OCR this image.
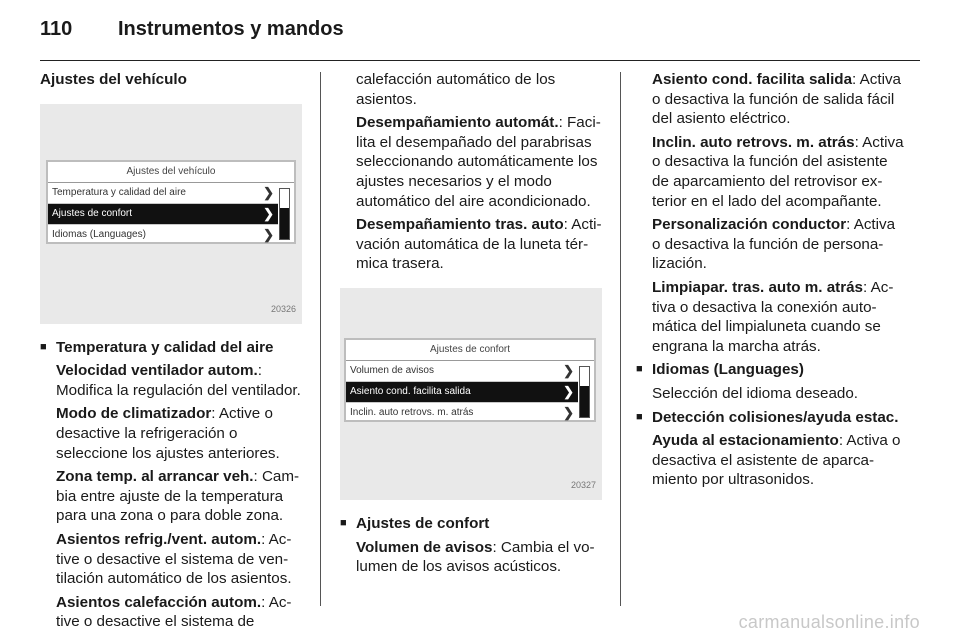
110 Instrumentos y mandos

Ajustes del vehículo

Ajustes del vehículo
Temperatura y calidad del aire	❯
Ajustes de confort	❯
Idiomas (Languages)	❯
20326

■ Temperatura y calidad del aire

Velocidad ventilador autom.: Modifica la regulación del ventilador.

Modo de climatizador: Active o desactive la refrigeración o seleccione los ajustes anteriores.

Zona temp. al arrancar veh.: Cambia entre ajuste de la temperatura para una zona o para doble zona.

Asientos refrig./vent. autom.: Active o desactive el sistema de ventilación automático de los asientos.

Asientos calefacción autom.: Active o desactive el sistema de

calefacción automático de los asientos.

Desempañamiento automát.: Facilita el desempañado del parabrisas seleccionando automáticamente los ajustes necesarios y el modo automático del aire acondicionado.

Desempañamiento tras. auto: Activación automática de la luneta térmica trasera.

Ajustes de confort
Volumen de avisos	❯
Asiento cond. facilita salida	❯
Inclin. auto retrovs. m. atrás	❯
20327

■ Ajustes de confort

Volumen de avisos: Cambia el volumen de los avisos acústicos.

Asiento cond. facilita salida: Activa o desactiva la función de salida fácil del asiento eléctrico.

Inclin. auto retrovs. m. atrás: Activa o desactiva la función del asistente de aparcamiento del retrovisor exterior en el lado del acompañante.

Personalización conductor: Activa o desactiva la función de personalización.

Limpiapar. tras. auto m. atrás: Activa o desactiva la conexión automática del limpialuneta cuando se engrana la marcha atrás.

■ Idiomas (Languages)

Selección del idioma deseado.

■ Detección colisiones/ayuda estac.

Ayuda al estacionamiento: Activa o desactiva el asistente de aparcamiento por ultrasonidos.

carmanualsonline.info
